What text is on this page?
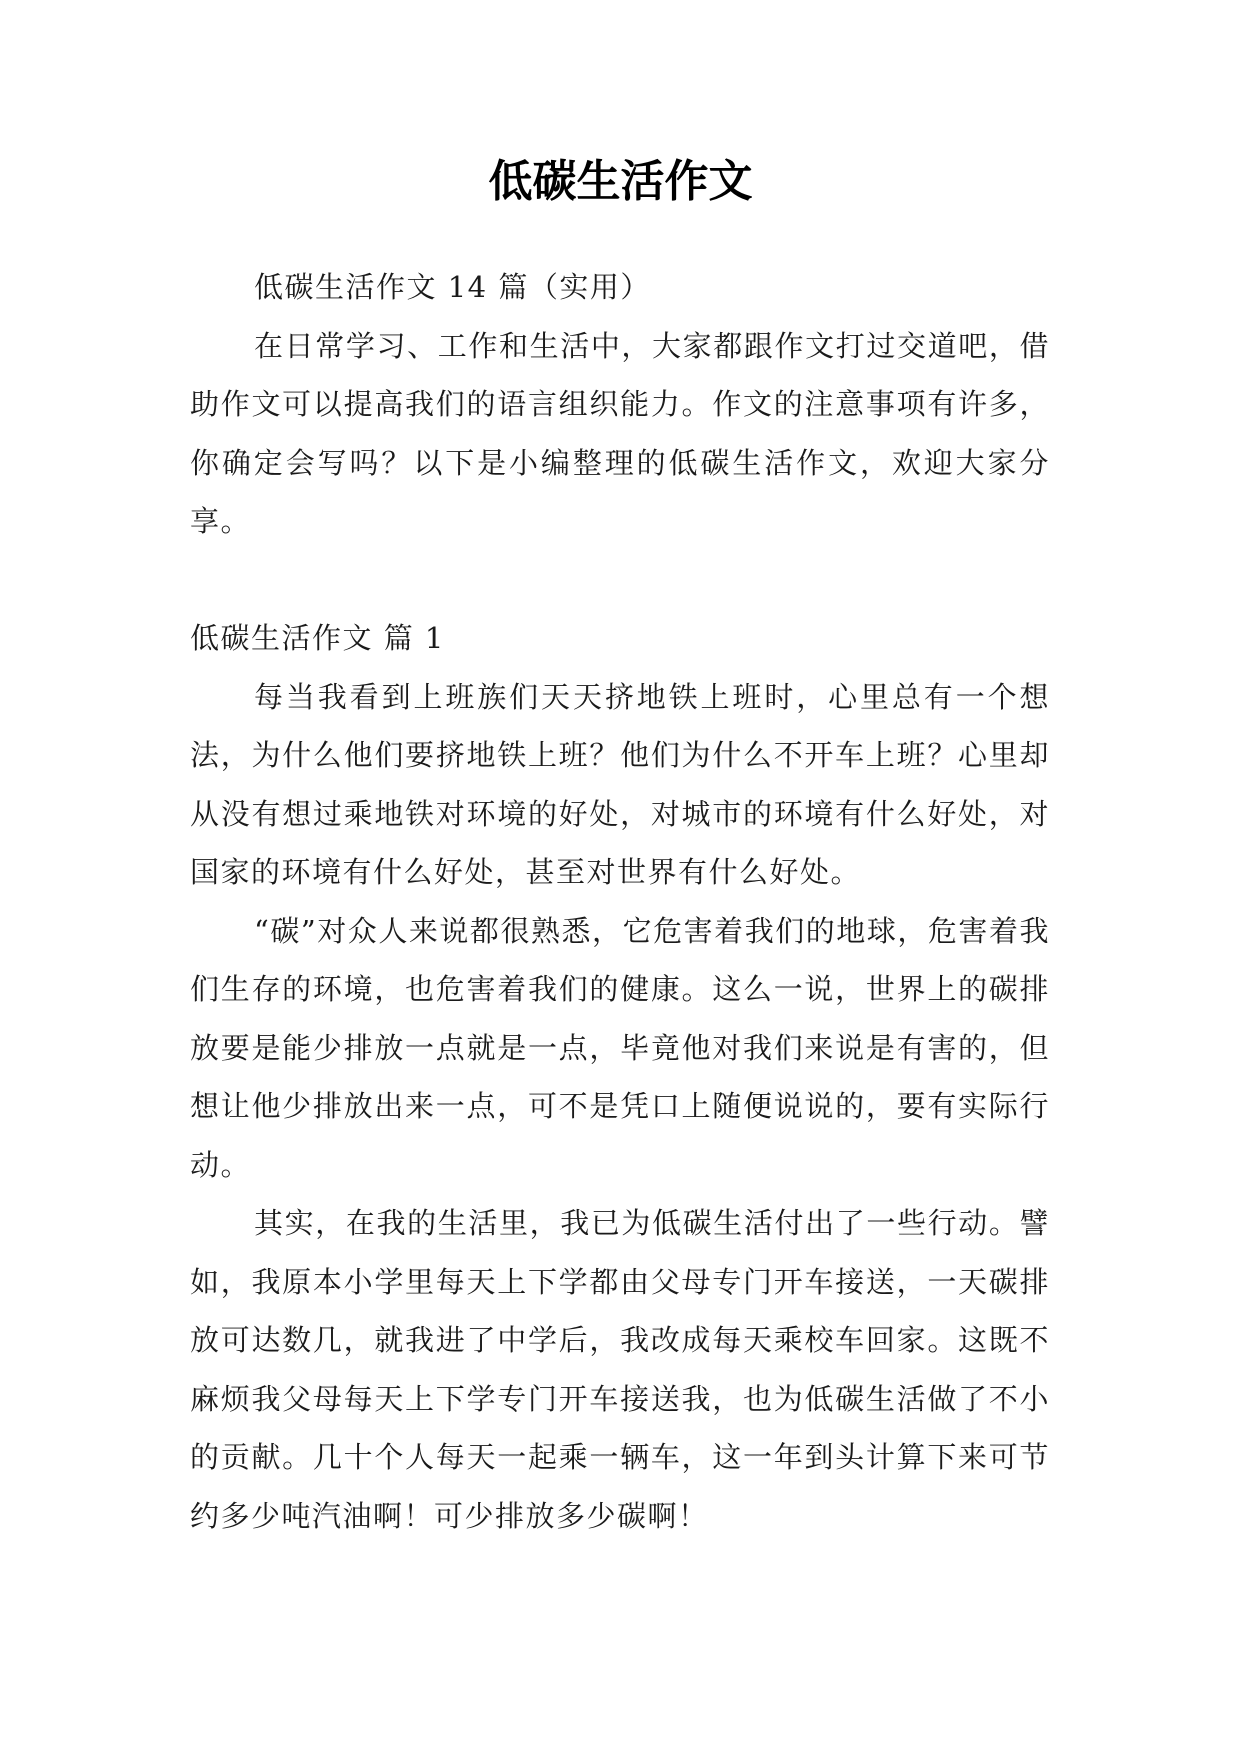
低碳生活作文

低碳生活作文 14 篇（实用）

在日常学习、工作和生活中，大家都跟作文打过交道吧，借助作文可以提高我们的语言组织能力。作文的注意事项有许多，你确定会写吗？以下是小编整理的低碳生活作文，欢迎大家分享。

低碳生活作文 篇 1

每当我看到上班族们天天挤地铁上班时，心里总有一个想法，为什么他们要挤地铁上班？他们为什么不开车上班？心里却从没有想过乘地铁对环境的好处，对城市的环境有什么好处，对国家的环境有什么好处，甚至对世界有什么好处。

“碳”对众人来说都很熟悉，它危害着我们的地球，危害着我们生存的环境，也危害着我们的健康。这么一说，世界上的碳排放要是能少排放一点就是一点，毕竟他对我们来说是有害的，但想让他少排放出来一点，可不是凭口上随便说说的，要有实际行动。

其实，在我的生活里，我已为低碳生活付出了一些行动。譬如，我原本小学里每天上下学都由父母专门开车接送，一天碳排放可达数几，就我进了中学后，我改成每天乘校车回家。这既不麻烦我父母每天上下学专门开车接送我，也为低碳生活做了不小的贡献。几十个人每天一起乘一辆车，这一年到头计算下来可节约多少吨汽油啊！可少排放多少碳啊！
